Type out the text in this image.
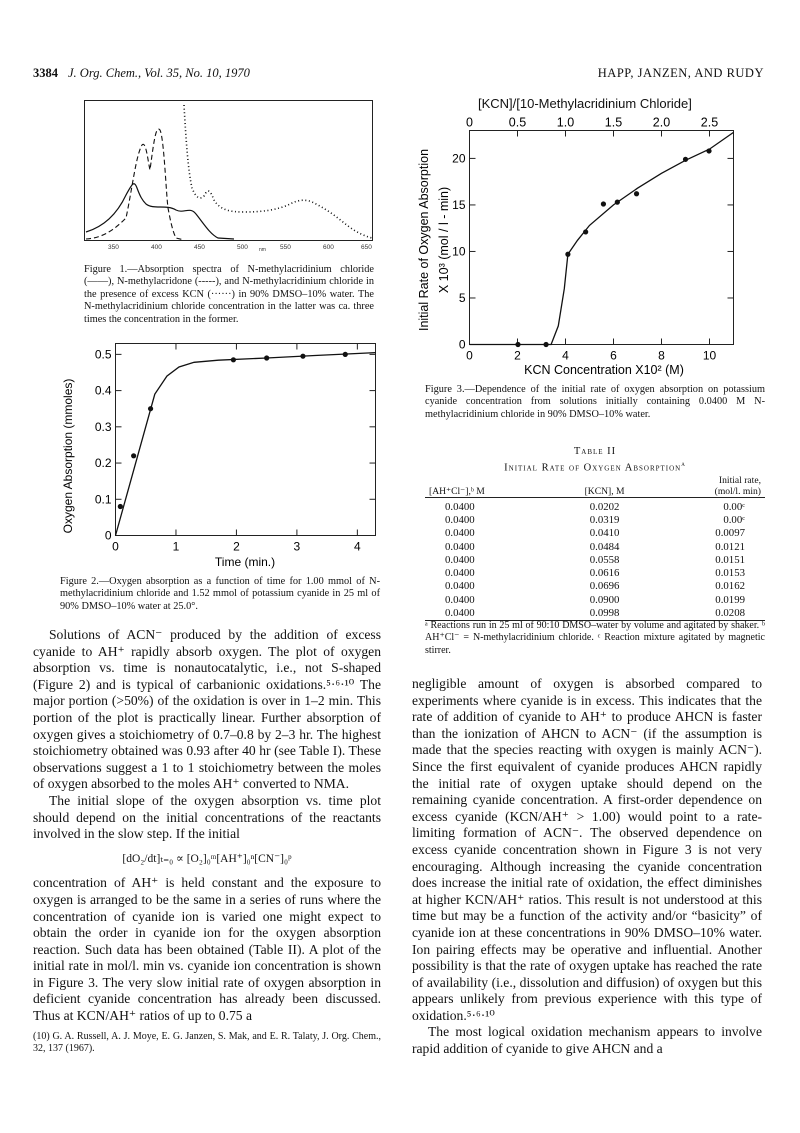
3384 J. Org. Chem., Vol. 35, No. 10, 1970	HAPP, JANZEN, AND RUDY
350	400	450	500	550	600	650
nm
Figure 1.—Absorption spectra of N-methylacridinium chloride (——), N-methylacridone (-----), and N-methylacridinium chloride in the presence of excess KCN (······) in 90% DMSO–10% water. The N-methylacridinium chloride concentration in the latter was ca. three times the concentration in the former.
0	1	2	3	4
0
0.1
0.2
0.3
0.4
0.5
Oxygen Absorption (mmoles)
Time (min.)
Figure 2.—Oxygen absorption as a function of time for 1.00 mmol of N-methylacridinium chloride and 1.52 mmol of potassium cyanide in 25 ml of 90% DMSO–10% water at 25.0°.
[KCN]/[10-Methylacridinium Chloride]
0	2	4	6	8	10
0
5
10
15
20
0	0.5 1.0 1.5 2.0 2.5
Initial Rate of Oxygen Absorption X 10³ (mol / l - min)
KCN Concentration X10² (M)
Figure 3.—Dependence of the initial rate of oxygen absorption on potassium cyanide concentration from solutions initially containing 0.0400 M N-methylacridinium chloride in 90% DMSO–10% water.
Table II
Initial Rate of Oxygen Absorption$^a$
[AH⁺Cl⁻],ᵇ M	[KCN], M	Initial rate,
(mol/l. min)

0.0400	0.0202	0.00ᶜ
0.0400	0.0319	0.00ᶜ
0.0400	0.0410	0.0097
0.0400	0.0484	0.0121
0.0400	0.0558	0.0151
0.0400	0.0616	0.0153
0.0400	0.0696	0.0162
0.0400	0.0900	0.0199
0.0400	0.0998	0.0208

ᵃ Reactions run in 25 ml of 90:10 DMSO–water by volume and agitated by shaker. ᵇ AH⁺Cl⁻ = N-methylacridinium chloride. ᶜ Reaction mixture agitated by magnetic stirrer.

Solutions of ACN⁻ produced by the addition of excess cyanide to AH⁺ rapidly absorb oxygen. The plot of oxygen absorption vs. time is nonautocatalytic, i.e., not S-shaped (Figure 2) and is typical of carbanionic oxidations.⁵·⁶·¹⁰ The major portion (>50%) of the oxidation is over in 1–2 min. This portion of the plot is practically linear. Further absorption of oxygen gives a stoichiometry of 0.7–0.8 by 2–3 hr. The highest stoichiometry obtained was 0.93 after 40 hr (see Table I). These observations suggest a 1 to 1 stoichiometry between the moles of oxygen absorbed to the moles AH⁺ converted to NMA.

The initial slope of the oxygen absorption vs. time plot should depend on the initial concentrations of the reactants involved in the slow step. If the initial

[dO₂/dt]ₜ₌₀ ∝ [O₂]₀ᵐ[AH⁺]₀ⁿ[CN⁻]₀ᵖ

concentration of AH⁺ is held constant and the exposure to oxygen is arranged to be the same in a series of runs where the concentration of cyanide ion is varied one might expect to obtain the order in cyanide ion for the oxygen absorption reaction. Such data has been obtained (Table II). A plot of the initial rate in mol/l. min vs. cyanide ion concentration is shown in Figure 3. The very slow initial rate of oxygen absorption in deficient cyanide concentration has already been discussed. Thus at KCN/AH⁺ ratios of up to 0.75 a

(10) G. A. Russell, A. J. Moye, E. G. Janzen, S. Mak, and E. R. Talaty, J. Org. Chem., 32, 137 (1967).

negligible amount of oxygen is absorbed compared to experiments where cyanide is in excess. This indicates that the rate of addition of cyanide to AH⁺ to produce AHCN is faster than the ionization of AHCN to ACN⁻ (if the assumption is made that the species reacting with oxygen is mainly ACN⁻). Since the first equivalent of cyanide produces AHCN rapidly the initial rate of oxygen uptake should depend on the remaining cyanide concentration. A first-order dependence on excess cyanide (KCN/AH⁺ > 1.00) would point to a rate-limiting formation of ACN⁻. The observed dependence on excess cyanide concentration shown in Figure 3 is not very encouraging. Although increasing the cyanide concentration does increase the initial rate of oxidation, the effect diminishes at higher KCN/AH⁺ ratios. This result is not understood at this time but may be a function of the activity and/or “basicity” of cyanide ion at these concentrations in 90% DMSO–10% water. Ion pairing effects may be operative and influential. Another possibility is that the rate of oxygen uptake has reached the rate of availability (i.e., dissolution and diffusion) of oxygen but this appears unlikely from previous experience with this type of oxidation.⁵·⁶·¹⁰

The most logical oxidation mechanism appears to involve rapid addition of cyanide to give AHCN and a
